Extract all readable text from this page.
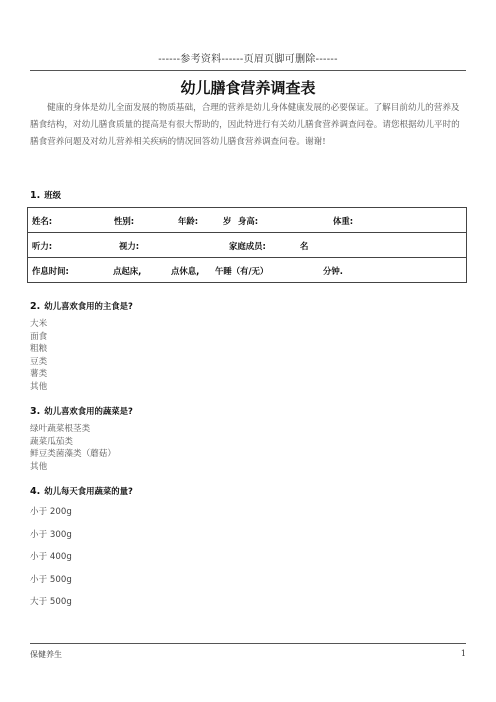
------参考资料------页眉页脚可删除------
幼儿膳食营养调查表
健康的身体是幼儿全面发展的物质基础，合理的营养是幼儿身体健康发展的必要保证。了解目前幼儿的营养及膳食结构，对幼儿膳食质量的提高是有很大帮助的，因此特进行有关幼儿膳食营养调查问卷。请您根据幼儿平时的膳食营养问题及对幼儿营养相关疾病的情况回答幼儿膳食营养调查问卷。谢谢!
1. 班级
姓名:	性别:	年龄:	岁 身高:	体重:

听力:	视力:	家庭成员:	名

作息时间:	点起床,	点休息, 午睡（有/无）	分钟.
2. 幼儿喜欢食用的主食是?
大米
面食
粗粮
豆类
薯类
其他
3. 幼儿喜欢食用的蔬菜是?
绿叶蔬菜根茎类
蔬菜瓜茄类
鲜豆类菌藻类（蘑菇）
其他
4. 幼儿每天食用蔬菜的量?
小于 200g
小于 300g
小于 400g
小于 500g
大于 500g
保健养生	1
